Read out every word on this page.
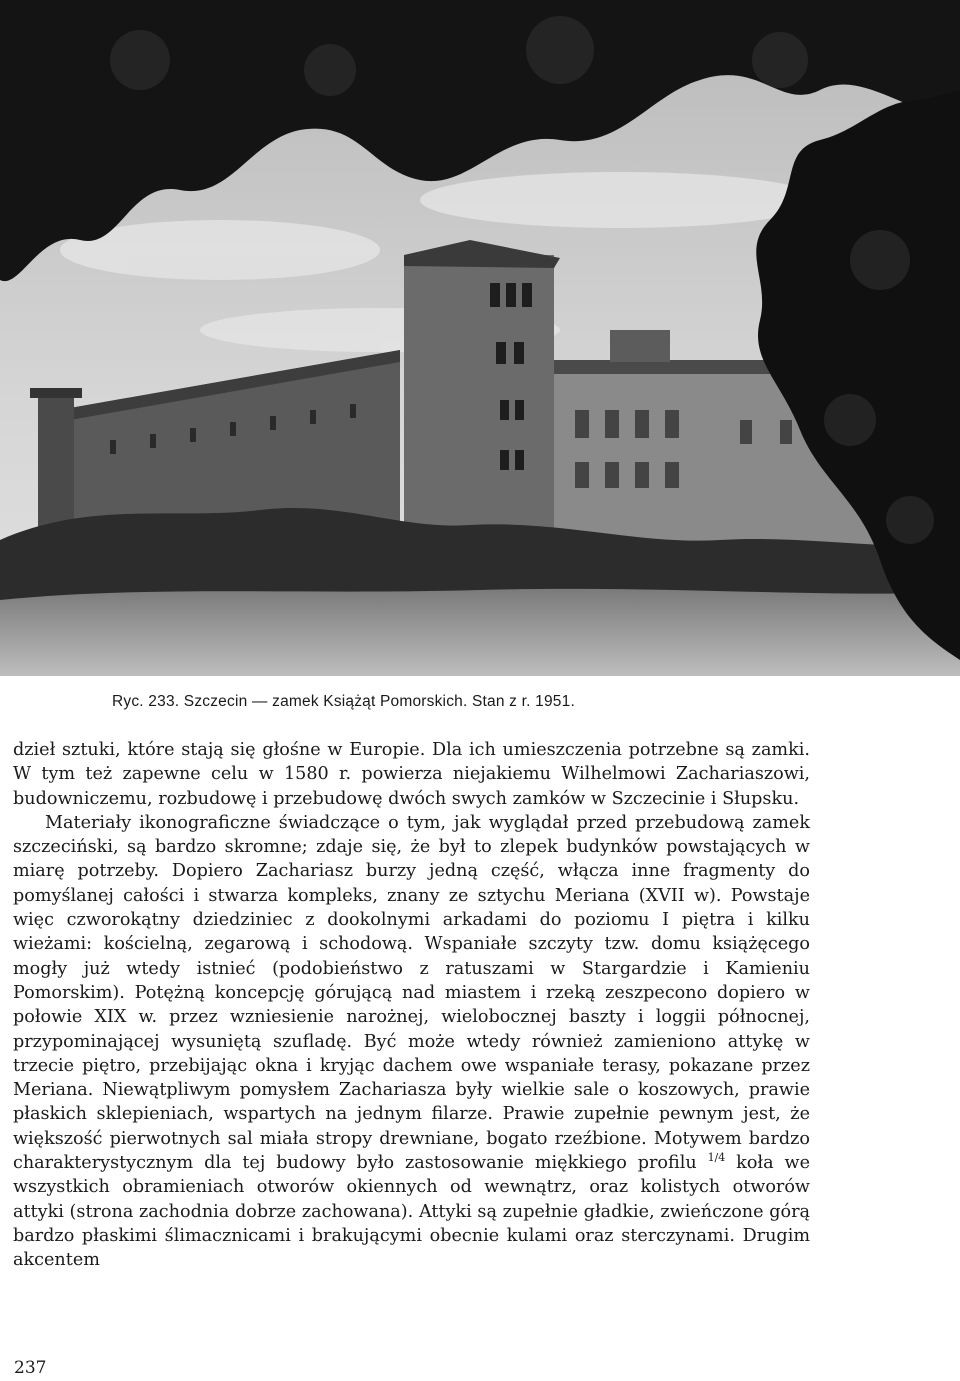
Ryc. 233. Szczecin — zamek Książąt Pomorskich. Stan z r. 1951.

dzieł sztuki, które stają się głośne w Europie. Dla ich umieszczenia potrzebne są zamki. W tym też zapewne celu w 1580 r. powierza niejakiemu Wilhelmowi Zachariaszowi, budowniczemu, rozbudowę i przebudowę dwóch swych zamków w Szczecinie i Słupsku.

Materiały ikonograficzne świadczące o tym, jak wyglądał przed przebudową zamek szczeciński, są bardzo skromne; zdaje się, że był to zlepek budynków powstających w miarę potrzeby. Dopiero Zachariasz burzy jedną część, włącza inne fragmenty do pomyślanej całości i stwarza kompleks, znany ze sztychu Meriana (XVII w). Powstaje więc czworokątny dziedziniec z dookolnymi arkadami do poziomu I piętra i kilku wieżami: kościelną, zegarową i schodową. Wspaniałe szczyty tzw. domu książęcego mogły już wtedy istnieć (podobieństwo z ratuszami w Stargardzie i Kamieniu Pomorskim). Potężną koncepcję górującą nad miastem i rzeką zeszpecono dopiero w połowie XIX w. przez wzniesienie narożnej, wielobocznej baszty i loggii północnej, przypominającej wysuniętą szufladę. Być może wtedy również zamieniono attykę w trzecie piętro, przebijając okna i kryjąc dachem owe wspaniałe terasy, pokazane przez Meriana. Niewątpliwym pomysłem Zachariasza były wielkie sale o koszowych, prawie płaskich sklepieniach, wspartych na jednym filarze. Prawie zupełnie pewnym jest, że większość pierwotnych sal miała stropy drewniane, bogato rzeźbione. Motywem bardzo charakterystycznym dla tej budowy było zastosowanie miękkiego profilu $^{1/4}$ koła we wszystkich obramieniach otworów okiennych od wewnątrz, oraz kolistych otworów attyki (strona zachodnia dobrze zachowana). Attyki są zupełnie gładkie, zwieńczone górą bardzo płaskimi ślimacznicami i brakującymi obecnie kulami oraz sterczynami. Drugim akcentem

237
